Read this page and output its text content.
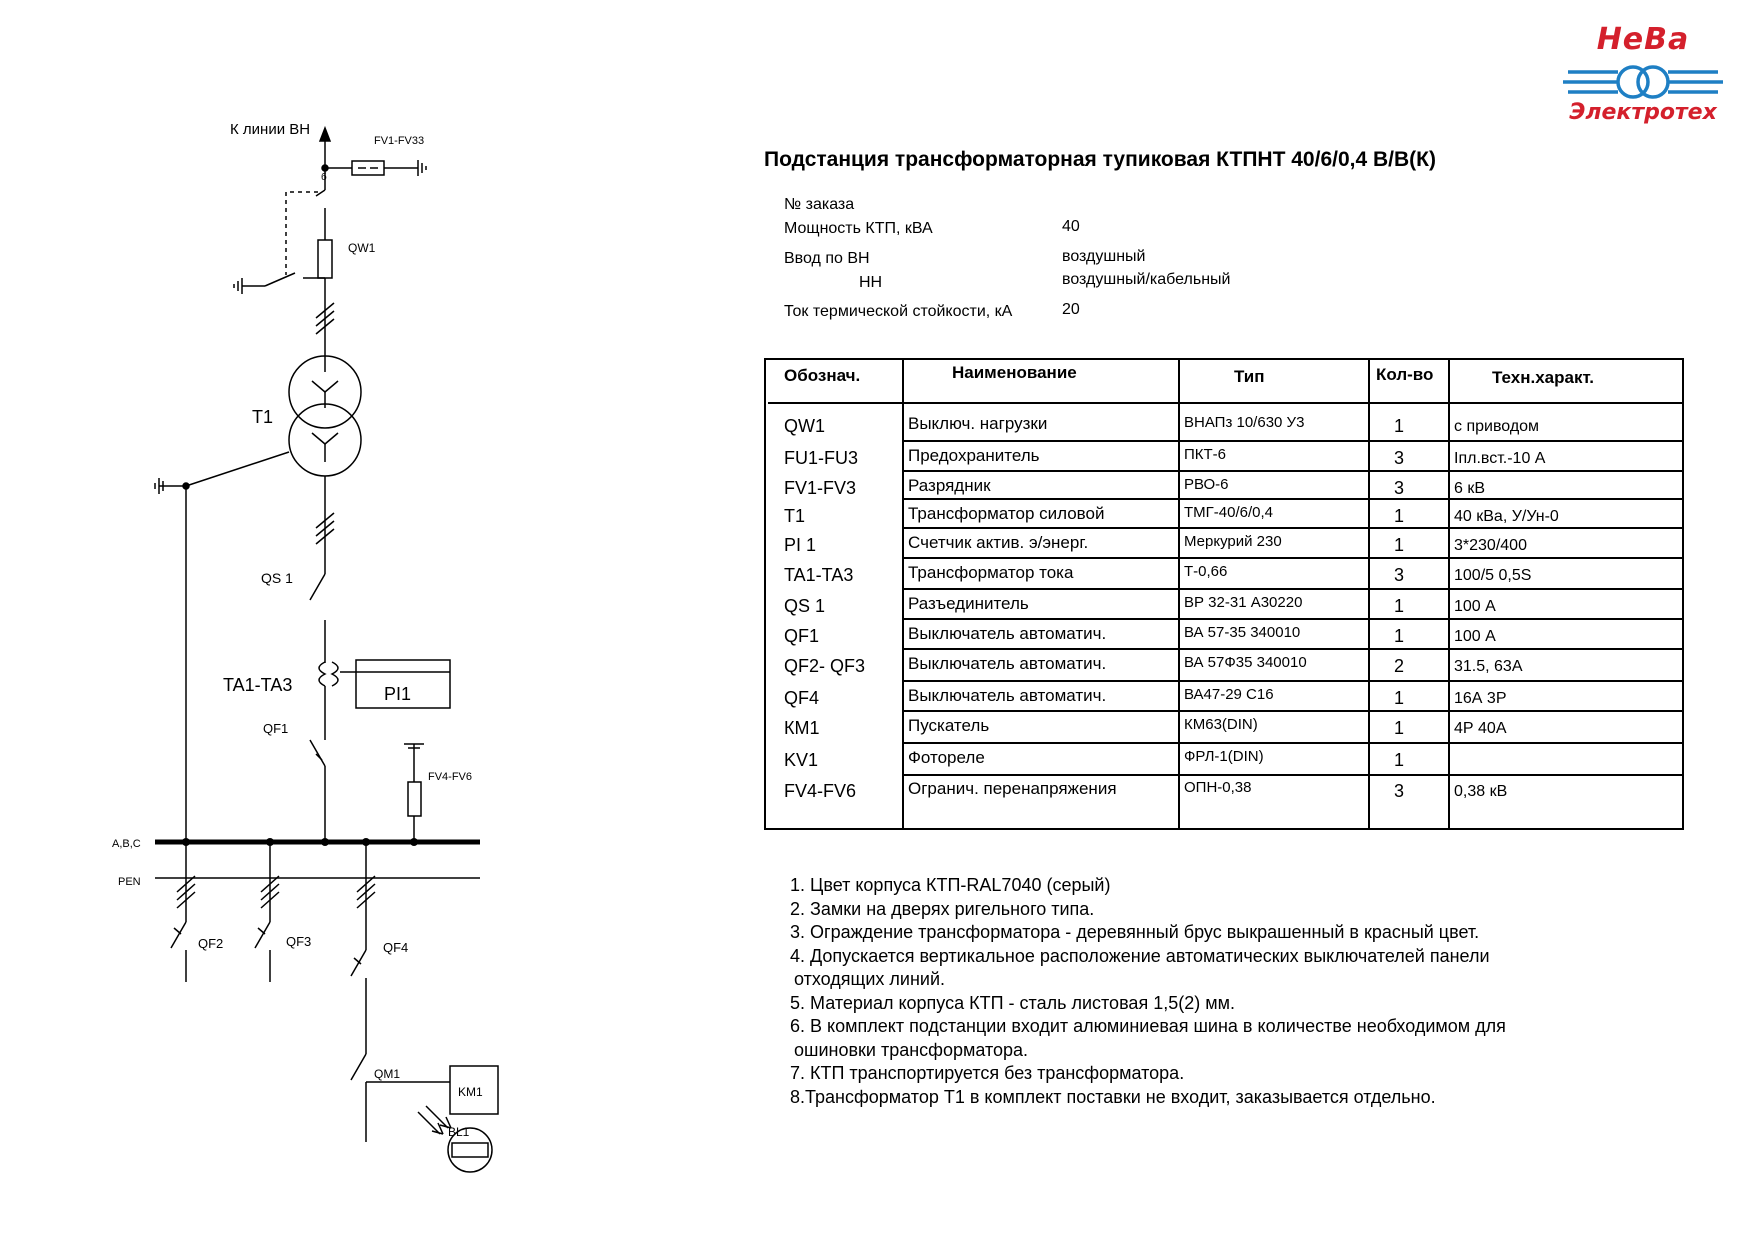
К линии ВН
FV1-FV33
б
QW1
T1
QS 1
TA1-TA3	PI1
QF1
FV4-FV6
A,B,C
PEN
QF2	QF3	QF4
QM1
KM1
BL1
НеВа
Электротех
Подстанция трансформаторная тупиковая КТПНТ 40/6/0,4 В/В(К)
№ заказа
Мощность КТП, кВА	40
Ввод по ВН	воздушный
НН	воздушный/кабельный
Ток термической стойкости, кА	20
Обознач.	Наименование	Тип	Кол-во	Техн.характ.
QW1	Выключ. нагрузки	ВНАПз 10/630 У3	1	с приводом
FU1-FU3	Предохранитель	ПКТ-6	3	Iпл.вст.-10 А
FV1-FV3	Разрядник	РВО-6	3	6 кВ
T1	Трансформатор силовой	ТМГ-40/6/0,4	1	40 кВа, У/Ун-0
PI 1	Счетчик актив. э/энерг.	Меркурий 230	1	3*230/400
TA1-TA3	Трансформатор тока	Т-0,66	3	100/5 0,5S
QS 1	Разъединитель	ВР 32-31 А30220	1	100 А
QF1	Выключатель автоматич.	ВА 57-35 340010	1	100 А
QF2- QF3	Выключатель автоматич.	ВА 57Ф35 340010	2	31.5, 63А
QF4	Выключатель автоматич.	ВА47-29 С16	1	16А 3Р
КМ1	Пускатель	КМ63(DIN)	1	4Р 40А
KV1	Фотореле	ФРЛ-1(DIN)	1
FV4-FV6	Огранич. перенапряжения	ОПН-0,38	3	0,38 кВ
1. Цвет корпуса КТП-RAL7040 (серый)
2. Замки на дверях ригельного типа.
3. Ограждение трансформатора - деревянный брус выкрашенный в красный цвет.
4. Допускается вертикальное расположение автоматических выключателей панели
отходящих линий.
5. Материал корпуса КТП - сталь листовая 1,5(2) мм.
6. В комплект подстанции входит алюминиевая шина в количестве необходимом для
ошиновки трансформатора.
7. КТП транспортируется без трансформатора.
8.Трансформатор Т1 в комплект поставки не входит, заказывается отдельно.
